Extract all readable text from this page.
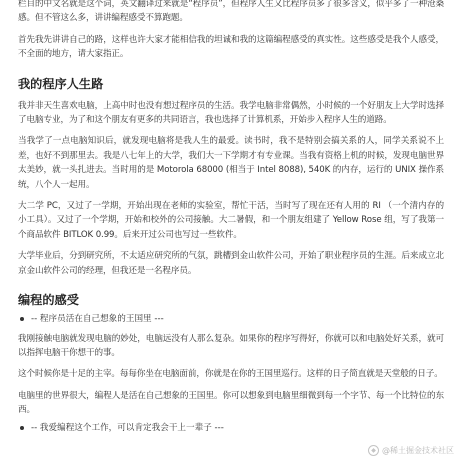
栏目的中文名就是这个词，英文翻译过来就是“程序员”，但程序人生又比程序员多了很多含义，似乎多了一种沧桑感。但不管这么多，讲讲编程感受不算跑题。

首先我先讲讲自己的路，这样也许大家才能相信我的坦诚和我的这篇编程感受的真实性。这些感受是我个人感受，不全面的地方，请大家指正。

我的程序人生路

我并非天生喜欢电脑，上高中时也没有想过程序员的生活。我学电脑非常偶然，小时候的一个好朋友上大学时选择了电脑专业，为了和这个朋友有更多的共同语言，我也选择了计算机系，开始步入程序人生的道路。

当我学了一点电脑知识后，就发现电脑将是我人生的最爱。读书时，我不是特别会搞关系的人，同学关系说不上差，也好不到那里去。我是八七年上的大学，我们大一下学期才有专业课。当我有资格上机的时候，发现电脑世界太美妙，就一头扎进去。当时用的是 Motorola 68000 (相当于 Intel 8088), 540K 的内存，运行的 UNIX 操作系统，八个人一起用。

大二学 PC，又过了一学期，开始出现在老师的实验室，帮忙干活，当时写了现在还有人用的 RI （一个清内存的小工具）。又过了一个学期，开始和校外的公司接触。大二暑假，和一个朋友组建了 Yellow Rose 组，写了我第一个商品软件 BITLOK 0.99。后来开过公司也写过一些软件。

大学毕业后，分到研究所，不太适应研究所的气氛，跳槽到金山软件公司，开始了职业程序员的生涯。后来成立北京金山软件公司的经理，但我还是一名程序员。

编程的感受
-- 程序员活在自己想象的王国里 ---

我刚接触电脑就发现电脑的妙处，电脑远没有人那么复杂。如果你的程序写得好，你就可以和电脑处好关系，就可以指挥电脑干你想干的事。

这个时候你是十足的主宰。每每你坐在电脑面前，你就是在你的王国里巡行。这样的日子简直就是天堂般的日子。

电脑里的世界很大，编程人是活在自己想象的王国里。你可以想象到电脑里细微到每一个字节、每一个比特位的东西。

-- 我爱编程这个工作，可以肯定我会干上一辈子 ---
◆ @稀土掘金技术社区
